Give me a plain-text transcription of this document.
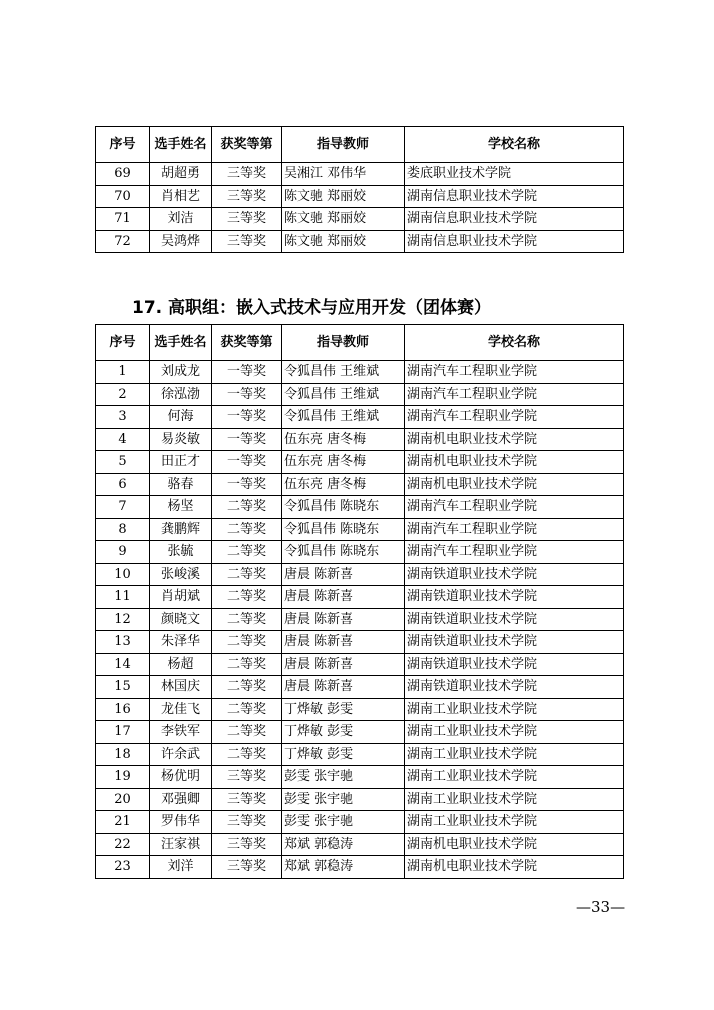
序号	选手姓名	获奖等第	指导教师	学校名称
69	胡超勇	三等奖	吴湘江 邓伟华	娄底职业技术学院
70	肖相艺	三等奖	陈文驰 郑丽姣	湖南信息职业技术学院
71	刘洁	三等奖	陈文驰 郑丽姣	湖南信息职业技术学院
72	吴鸿烨	三等奖	陈文驰 郑丽姣	湖南信息职业技术学院
17. 高职组：嵌入式技术与应用开发（团体赛）
序号	选手姓名	获奖等第	指导教师	学校名称
1	刘成龙	一等奖	令狐昌伟 王维斌	湖南汽车工程职业学院
2	徐泓渤	一等奖	令狐昌伟 王维斌	湖南汽车工程职业学院
3	何海	一等奖	令狐昌伟 王维斌	湖南汽车工程职业学院
4	易炎敏	一等奖	伍东亮 唐冬梅	湖南机电职业技术学院
5	田正才	一等奖	伍东亮 唐冬梅	湖南机电职业技术学院
6	骆春	一等奖	伍东亮 唐冬梅	湖南机电职业技术学院
7	杨坚	二等奖	令狐昌伟 陈晓东	湖南汽车工程职业学院
8	龚鹏辉	二等奖	令狐昌伟 陈晓东	湖南汽车工程职业学院
9	张毓	二等奖	令狐昌伟 陈晓东	湖南汽车工程职业学院
10	张峻溪	二等奖	唐晨 陈新喜	湖南铁道职业技术学院
11	肖胡斌	二等奖	唐晨 陈新喜	湖南铁道职业技术学院
12	颜晓文	二等奖	唐晨 陈新喜	湖南铁道职业技术学院
13	朱泽华	二等奖	唐晨 陈新喜	湖南铁道职业技术学院
14	杨超	二等奖	唐晨 陈新喜	湖南铁道职业技术学院
15	林国庆	二等奖	唐晨 陈新喜	湖南铁道职业技术学院
16	龙佳飞	二等奖	丁烨敏 彭雯	湖南工业职业技术学院
17	李铁军	二等奖	丁烨敏 彭雯	湖南工业职业技术学院
18	许余武	二等奖	丁烨敏 彭雯	湖南工业职业技术学院
19	杨优明	三等奖	彭雯 张宇驰	湖南工业职业技术学院
20	邓强卿	三等奖	彭雯 张宇驰	湖南工业职业技术学院
21	罗伟华	三等奖	彭雯 张宇驰	湖南工业职业技术学院
22	汪家祺	三等奖	郑斌 郭稳涛	湖南机电职业技术学院
23	刘洋	三等奖	郑斌 郭稳涛	湖南机电职业技术学院
—33—
